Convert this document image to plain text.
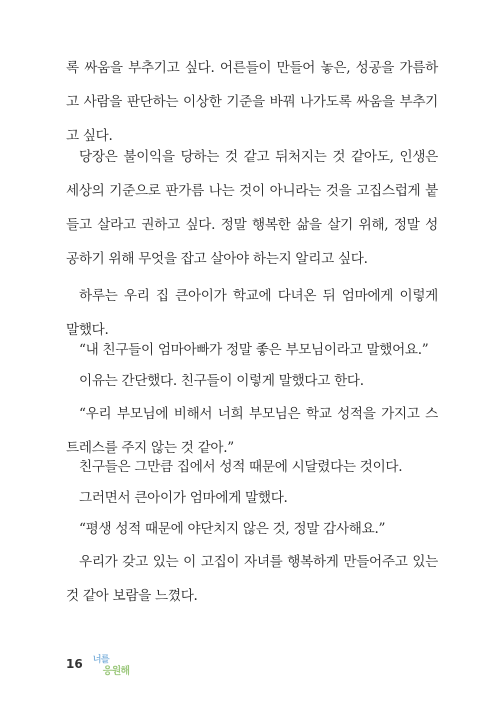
록 싸움을 부추기고 싶다. 어른들이 만들어 놓은, 성공을 가름하
고 사람을 판단하는 이상한 기준을 바꿔 나가도록 싸움을 부추기
고 싶다.
당장은 불이익을 당하는 것 같고 뒤처지는 것 같아도, 인생은
세상의 기준으로 판가름 나는 것이 아니라는 것을 고집스럽게 붙
들고 살라고 권하고 싶다. 정말 행복한 삶을 살기 위해, 정말 성
공하기 위해 무엇을 잡고 살아야 하는지 알리고 싶다.
하루는 우리 집 큰아이가 학교에 다녀온 뒤 엄마에게 이렇게
말했다.
“내 친구들이 엄마아빠가 정말 좋은 부모님이라고 말했어요.”
이유는 간단했다. 친구들이 이렇게 말했다고 한다.
“우리 부모님에 비해서 너희 부모님은 학교 성적을 가지고 스
트레스를 주지 않는 것 같아.”
친구들은 그만큼 집에서 성적 때문에 시달렸다는 것이다.
그러면서 큰아이가 엄마에게 말했다.
“평생 성적 때문에 야단치지 않은 것, 정말 감사해요.”
우리가 갖고 있는 이 고집이 자녀를 행복하게 만들어주고 있는
것 같아 보람을 느꼈다.
16 너를
응원해
